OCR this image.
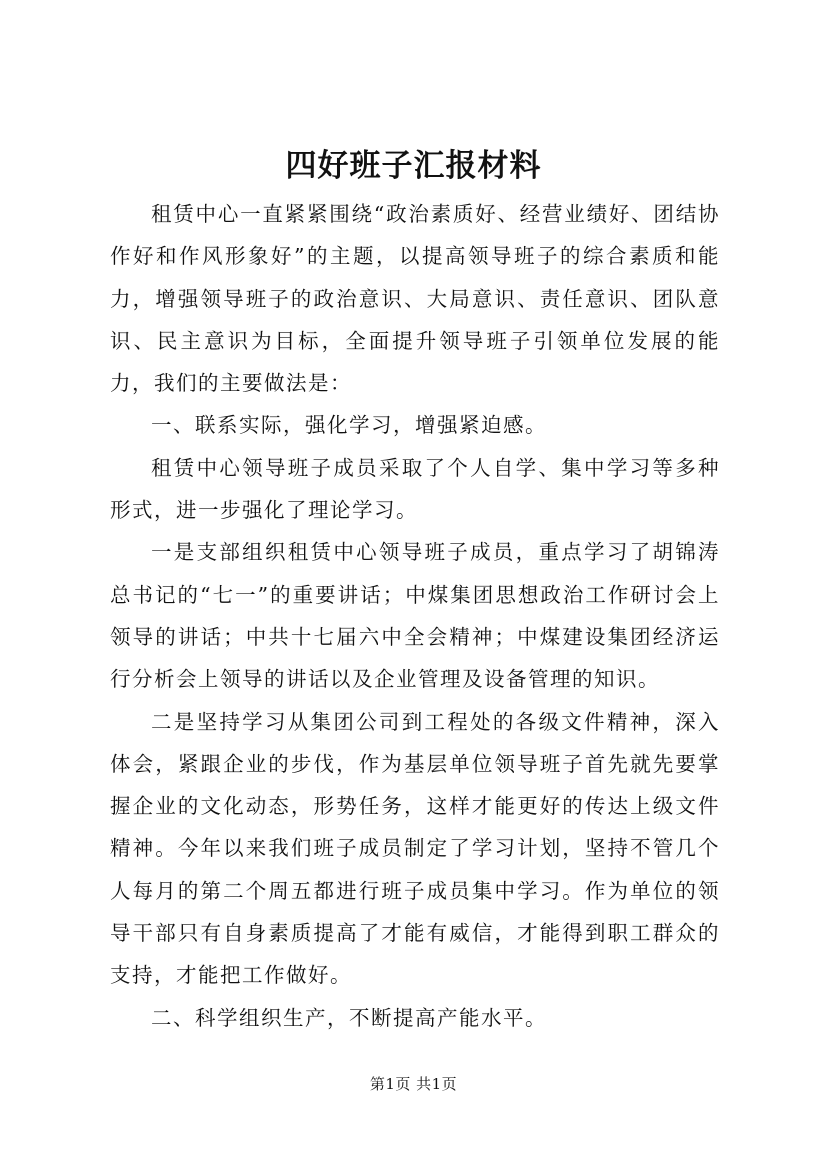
四好班子汇报材料

租赁中心一直紧紧围绕“政治素质好、经营业绩好、团结协作好和作风形象好”的主题，以提高领导班子的综合素质和能力，增强领导班子的政治意识、大局意识、责任意识、团队意识、民主意识为目标，全面提升领导班子引领单位发展的能力，我们的主要做法是：

一、联系实际，强化学习，增强紧迫感。

租赁中心领导班子成员采取了个人自学、集中学习等多种形式，进一步强化了理论学习。

一是支部组织租赁中心领导班子成员，重点学习了胡锦涛总书记的“七一”的重要讲话；中煤集团思想政治工作研讨会上领导的讲话；中共十七届六中全会精神；中煤建设集团经济运行分析会上领导的讲话以及企业管理及设备管理的知识。

二是坚持学习从集团公司到工程处的各级文件精神，深入体会，紧跟企业的步伐，作为基层单位领导班子首先就先要掌握企业的文化动态，形势任务，这样才能更好的传达上级文件精神。今年以来我们班子成员制定了学习计划，坚持不管几个人每月的第二个周五都进行班子成员集中学习。作为单位的领导干部只有自身素质提高了才能有威信，才能得到职工群众的支持，才能把工作做好。

二、科学组织生产，不断提高产能水平。

第1页 共1页
